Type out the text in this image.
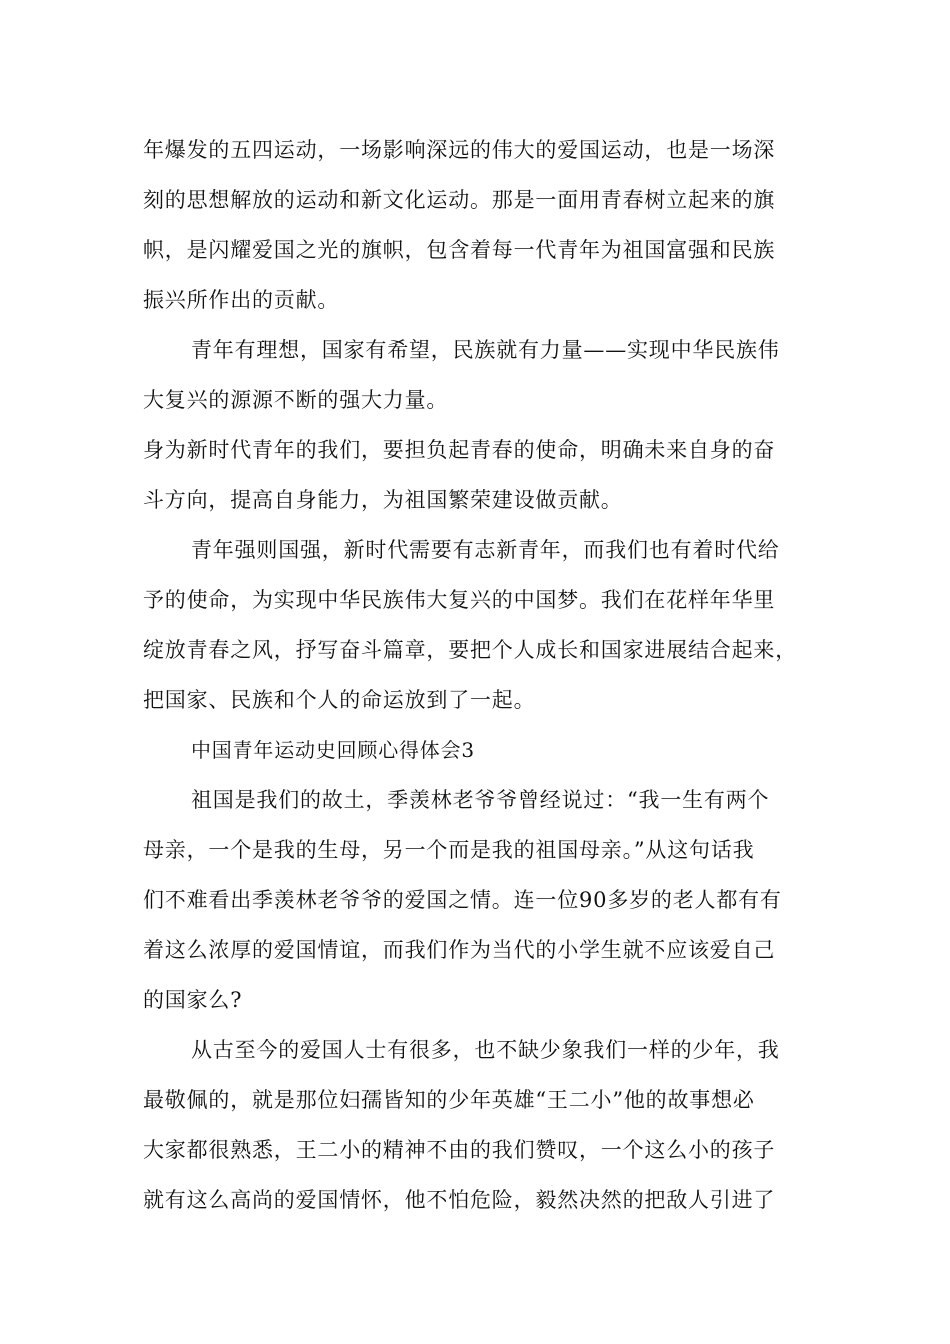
年爆发的五四运动，一场影响深远的伟大的爱国运动，也是一场深
刻的思想解放的运动和新文化运动。那是一面用青春树立起来的旗
帜，是闪耀爱国之光的旗帜，包含着每一代青年为祖国富强和民族
振兴所作出的贡献。
青年有理想，国家有希望，民族就有力量——实现中华民族伟
大复兴的源源不断的强大力量。
身为新时代青年的我们，要担负起青春的使命，明确未来自身的奋
斗方向，提高自身能力，为祖国繁荣建设做贡献。
青年强则国强，新时代需要有志新青年，而我们也有着时代给
予的使命，为实现中华民族伟大复兴的中国梦。我们在花样年华里
绽放青春之风，抒写奋斗篇章，要把个人成长和国家进展结合起来，
把国家、民族和个人的命运放到了一起。
中国青年运动史回顾心得体会3
祖国是我们的故土，季羡林老爷爷曾经说过：“我一生有两个
母亲，一个是我的生母，另一个而是我的祖国母亲。”从这句话我
们不难看出季羡林老爷爷的爱国之情。连一位90多岁的老人都有有
着这么浓厚的爱国情谊，而我们作为当代的小学生就不应该爱自己
的国家么?
从古至今的爱国人士有很多，也不缺少象我们一样的少年，我
最敬佩的，就是那位妇孺皆知的少年英雄“王二小”他的故事想必
大家都很熟悉，王二小的精神不由的我们赞叹，一个这么小的孩子
就有这么高尚的爱国情怀，他不怕危险，毅然决然的把敌人引进了
